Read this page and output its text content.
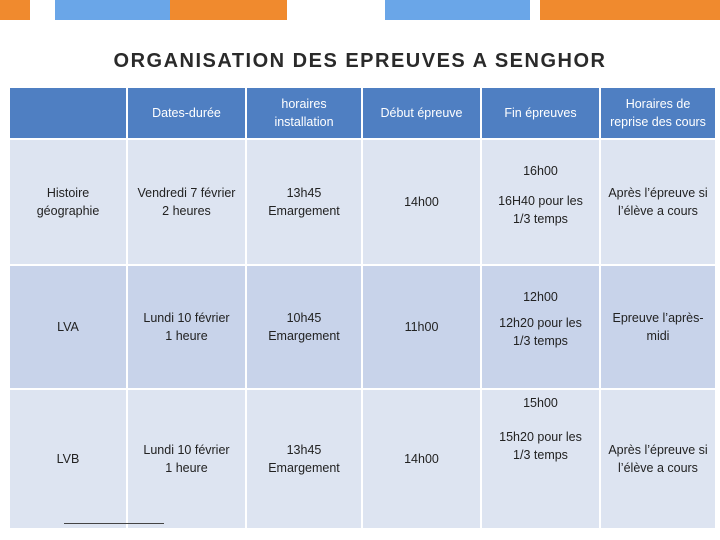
ORGANISATION DES EPREUVES A SENGHOR
Dates-durée
horaires
installation
Début épreuve	Fin épreuves
Horaires de
reprise des cours
Histoire
géographie
Vendredi 7 février
2 heures
13h45
Emargement
14h00
16h00
16H40 pour les
1/3 temps
Après l’épreuve si
l’élève a cours
LVA
Lundi 10 février
1 heure
10h45
Emargement
11h00
12h00
12h20 pour les
1/3 temps
Epreuve l’après-
midi
LVB
Lundi 10 février
1 heure
13h45
Emargement
14h00
15h00
15h20 pour les
1/3 temps	Après l’épreuve si
l’élève a cours
